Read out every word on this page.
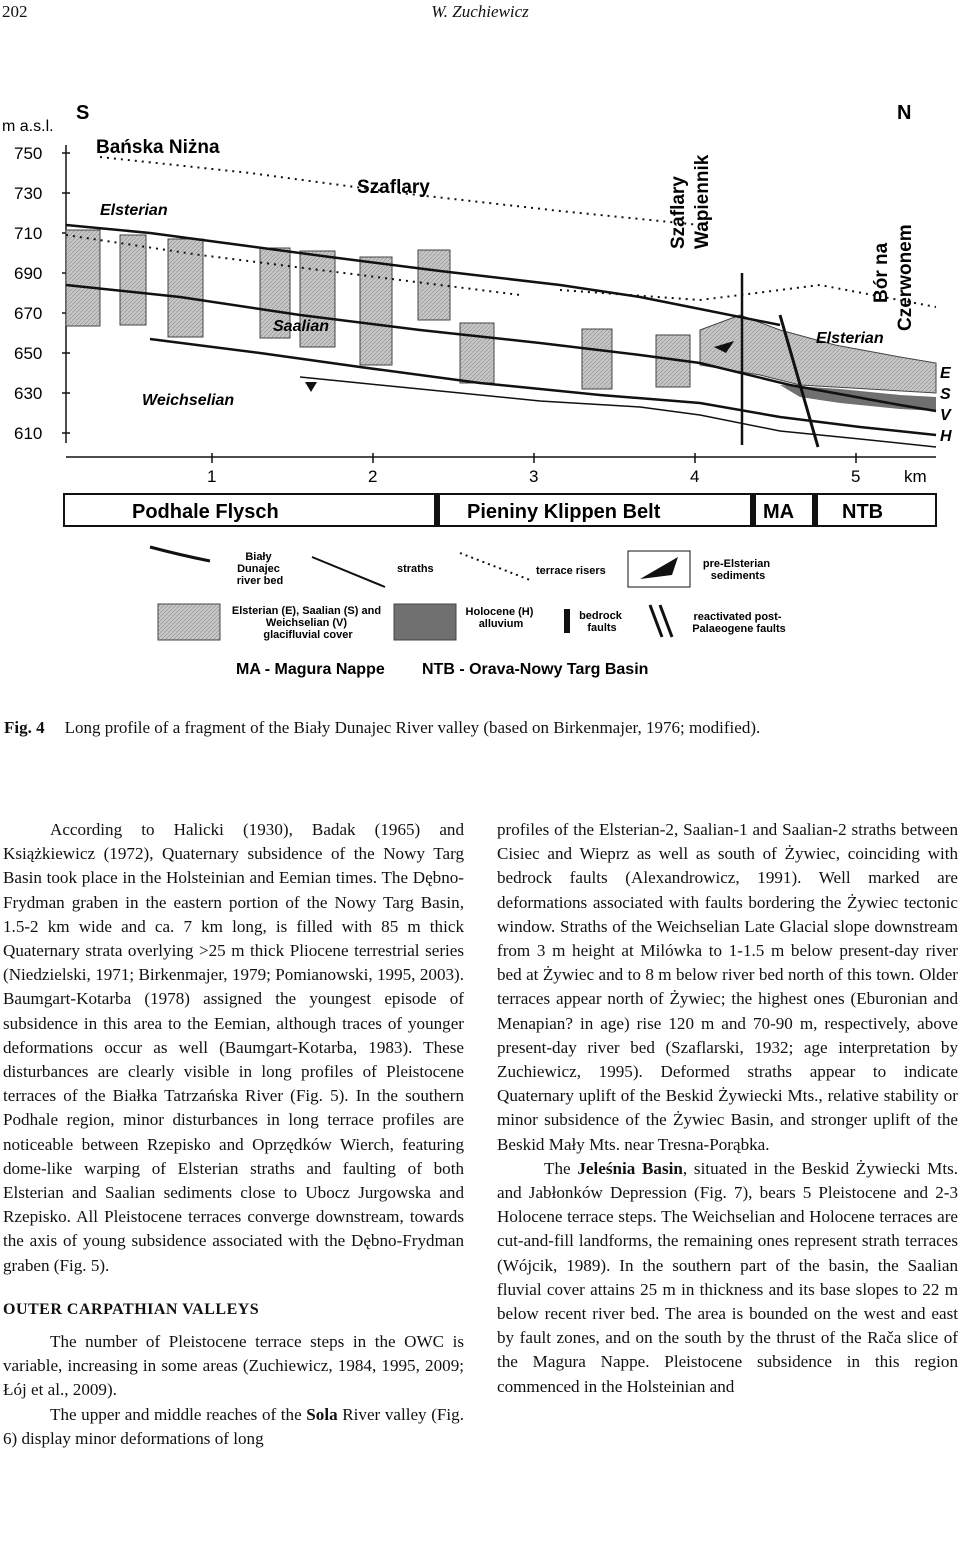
202	W. Zuchiewicz
m a.s.l.
S	N
750
730
710
690
670
650
630
610
Bańska Niżna
Szaflary	Szaflary Wapiennik
Bór na Czerwonem
Elsterian
Saalian
Weichselian
Elsterian
E
S
V
H
1	2	3	4	5	km
Podhale Flysch	Pieniny Klippen Belt	MA NTB
Biały Dunajec river bed
straths	terrace risers
pre-Elsterian sediments
Elsterian (E), Saalian (S) and Weichselian (V) glacifluvial cover
Holocene (H) alluvium
bedrock faults
reactivated post- Palaeogene faults
MA - Magura Nappe NTB - Orava-Nowy Targ Basin
Fig. 4 Long profile of a fragment of the Biały Dunajec River valley (based on Birkenmajer, 1976; modified).

According to Halicki (1930), Badak (1965) and Książkiewicz (1972), Quaternary subsidence of the Nowy Targ Basin took place in the Holsteinian and Eemian times. The Dębno-Frydman graben in the eastern portion of the Nowy Targ Basin, 1.5-2 km wide and ca. 7 km long, is filled with 85 m thick Quaternary strata overlying >25 m thick Pliocene terrestrial series (Niedzielski, 1971; Birkenmajer, 1979; Pomianowski, 1995, 2003). Baumgart-Kotarba (1978) assigned the youngest episode of subsidence in this area to the Eemian, although traces of younger deformations occur as well (Baumgart-Kotarba, 1983). These disturbances are clearly visible in long profiles of Pleistocene terraces of the Białka Tatrzańska River (Fig. 5). In the southern Podhale region, minor disturbances in long terrace profiles are noticeable between Rzepisko and Oprzędków Wierch, featuring dome-like warping of Elsterian straths and faulting of both Elsterian and Saalian sediments close to Ubocz Jurgowska and Rzepisko. All Pleistocene terraces converge downstream, towards the axis of young subsidence associated with the Dębno-Frydman graben (Fig. 5).

OUTER CARPATHIAN VALLEYS

The number of Pleistocene terrace steps in the OWC is variable, increasing in some areas (Zuchiewicz, 1984, 1995, 2009; Łój et al., 2009).

The upper and middle reaches of the Sola River valley (Fig. 6) display minor deformations of long

profiles of the Elsterian-2, Saalian-1 and Saalian-2 straths between Cisiec and Wieprz as well as south of Żywiec, coinciding with bedrock faults (Alexandrowicz, 1991). Well marked are deformations associated with faults bordering the Żywiec tectonic window. Straths of the Weichselian Late Glacial slope downstream from 3 m height at Milówka to 1-1.5 m below present-day river bed at Żywiec and to 8 m below river bed north of this town. Older terraces appear north of Żywiec; the highest ones (Eburonian and Menapian? in age) rise 120 m and 70-90 m, respectively, above present-day river bed (Szaflarski, 1932; age interpretation by Zuchiewicz, 1995). Deformed straths appear to indicate Quaternary uplift of the Beskid Żywiecki Mts., relative stability or minor subsidence of the Żywiec Basin, and stronger uplift of the Beskid Mały Mts. near Tresna-Porąbka.

The Jeleśnia Basin, situated in the Beskid Żywiecki Mts. and Jabłonków Depression (Fig. 7), bears 5 Pleistocene and 2-3 Holocene terrace steps. The Weichselian and Holocene terraces are cut-and-fill landforms, the remaining ones represent strath terraces (Wójcik, 1989). In the southern part of the basin, the Saalian fluvial cover attains 25 m in thickness and its base slopes to 22 m below recent river bed. The area is bounded on the west and east by fault zones, and on the south by the thrust of the Rača slice of the Magura Nappe. Pleistocene subsidence in this region commenced in the Holsteinian and
